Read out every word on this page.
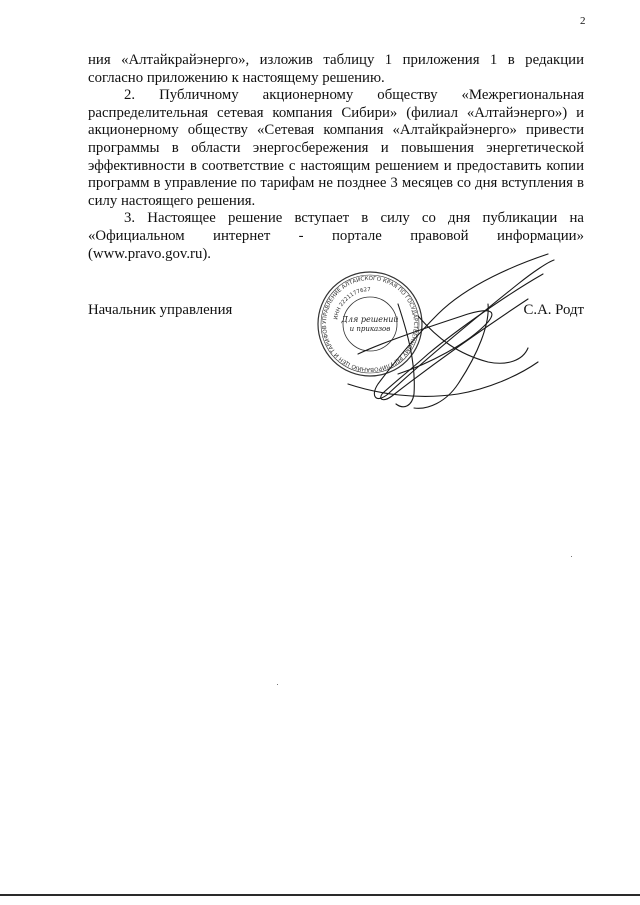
2

ния «Алтайкрайэнерго», изложив таблицу 1 приложения 1 в редакции согласно приложению к настоящему решению.

2. Публичному акционерному обществу «Межрегиональная распределительная сетевая компания Сибири» (филиал «Алтайэнерго») и акционерному обществу «Сетевая компания «Алтайкрайэнерго» привести программы в области энергосбережения и повышения энергетической эффективности в соответствие с настоящим решением и предоставить копии программ в управление по тарифам не позднее 3 месяцев со дня вступления в силу настоящего решения.

3. Настоящее решение вступает в силу со дня публикации на «Официальном интернет - портале правовой информации» (www.pravo.gov.ru).

Начальник управления	С.А. Родт
УПРАВЛЕНИЕ АЛТАЙСКОГО КРАЯ ПО ГОСУДАРСТВЕННОМУ РЕГУЛИРОВАНИЮ ЦЕН И ТАРИФОВ
ИНН 2221177627
Для решений
и приказов
